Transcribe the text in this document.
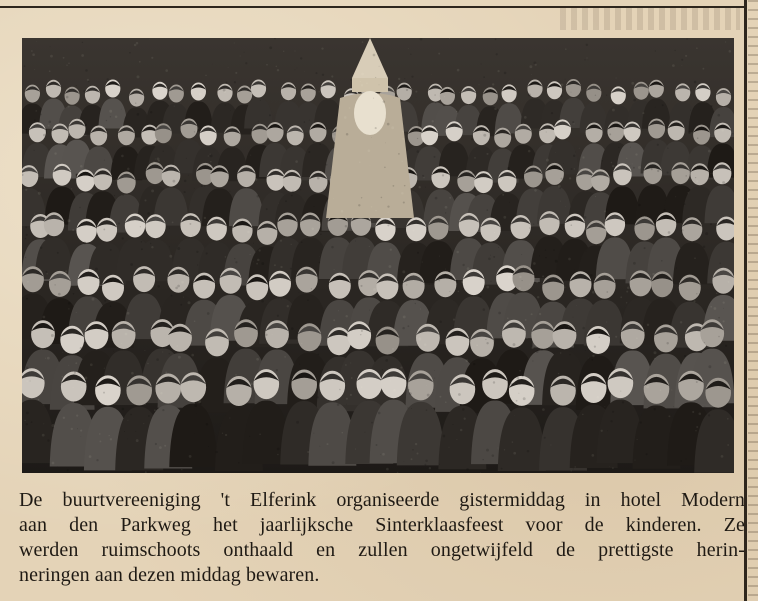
De buurtvereeniging 't Elferink organiseerde gistermiddag in hotel Modern
aan den Parkweg het jaarlijksche Sinterklaasfeest voor de kinderen. Ze
werden ruimschoots onthaald en zullen ongetwijfeld de prettigste herin-
neringen aan dezen middag bewaren.
